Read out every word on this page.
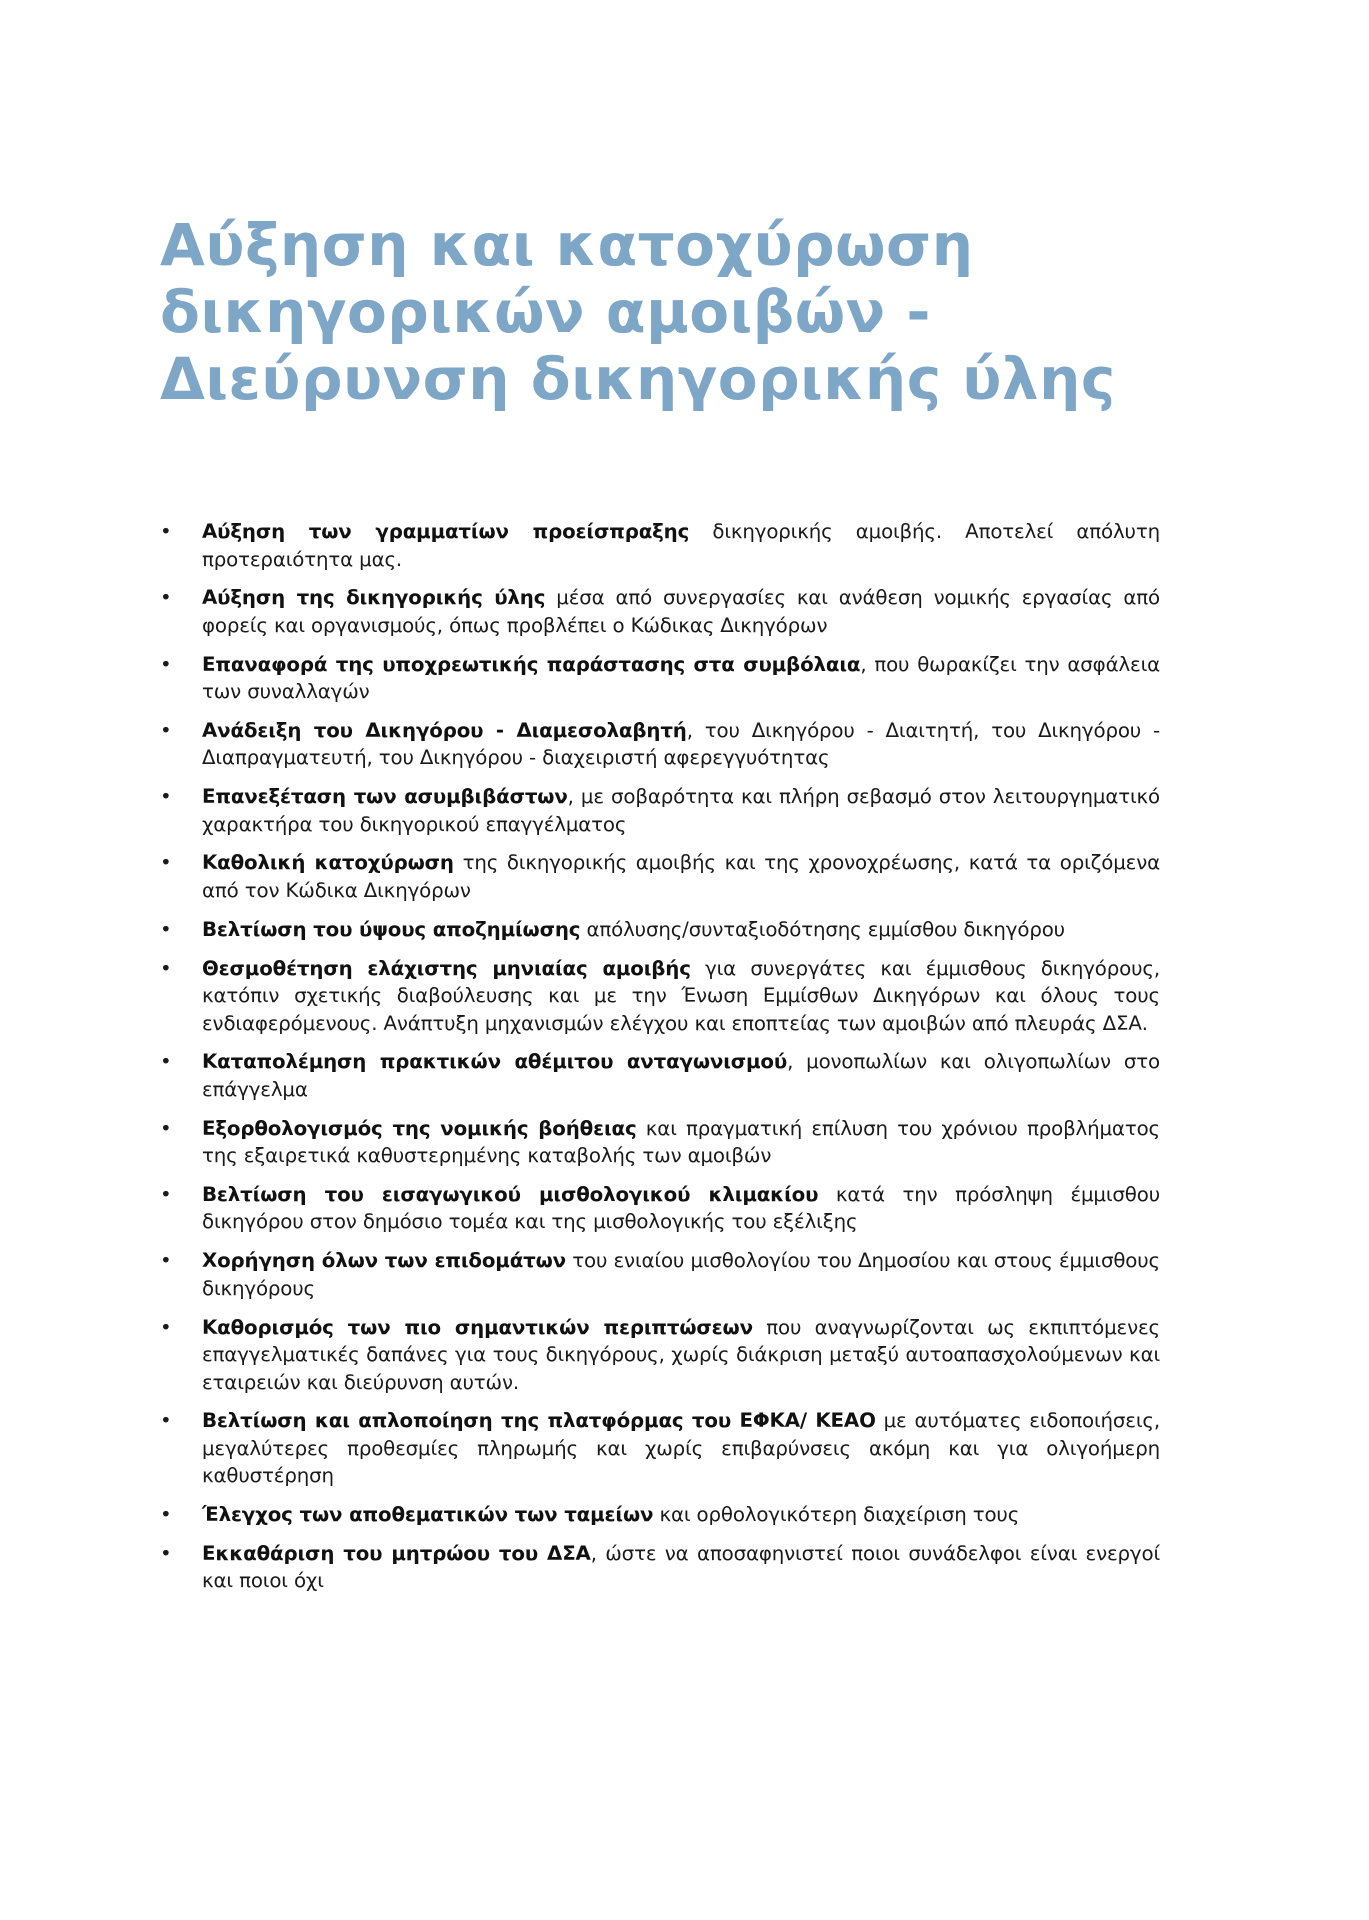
Αύξηση και κατοχύρωση
δικηγορικών αμοιβών -
Διεύρυνση δικηγορικής ύλης
•	Αύξηση των γραμματίων προείσπραξης δικηγορικής αμοιβής. Αποτελεί απόλυτη προτεραιότητα μας.
•	Αύξηση της δικηγορικής ύλης μέσα από συνεργασίες και ανάθεση νομικής εργασίας από φορείς και οργανισμούς, όπως προβλέπει ο Κώδικας Δικηγόρων
•	Επαναφορά της υποχρεωτικής παράστασης στα συμβόλαια, που θωρακίζει την ασφάλεια των συναλλαγών
•	Ανάδειξη του Δικηγόρου - Διαμεσολαβητή, του Δικηγόρου - Διαιτητή, του Δικηγόρου - Διαπραγματευτή, του Δικηγόρου - διαχειριστή αφερεγγυότητας
•	Επανεξέταση των ασυμβιβάστων, με σοβαρότητα και πλήρη σεβασμό στον λειτουργηματικό χαρακτήρα του δικηγορικού επαγγέλματος
•	Καθολική κατοχύρωση της δικηγορικής αμοιβής και της χρονοχρέωσης, κατά τα οριζόμενα από τον Κώδικα Δικηγόρων
•	Βελτίωση του ύψους αποζημίωσης απόλυσης/συνταξιοδότησης εμμίσθου δικηγόρου
•	Θεσμοθέτηση ελάχιστης μηνιαίας αμοιβής για συνεργάτες και έμμισθους δικηγόρους, κατόπιν σχετικής διαβούλευσης και με την Ένωση Εμμίσθων Δικηγόρων και όλους τους ενδιαφερόμενους. Ανάπτυξη μηχανισμών ελέγχου και εποπτείας των αμοιβών από πλευράς ΔΣΑ.
•	Καταπολέμηση πρακτικών αθέμιτου ανταγωνισμού, μονοπωλίων και ολιγοπωλίων στο επάγγελμα
•	Εξορθολογισμός της νομικής βοήθειας και πραγματική επίλυση του χρόνιου προβλήματος της εξαιρετικά καθυστερημένης καταβολής των αμοιβών
•	Βελτίωση του εισαγωγικού μισθολογικού κλιμακίου κατά την πρόσληψη έμμισθου δικηγόρου στον δημόσιο τομέα και της μισθολογικής του εξέλιξης
•	Χορήγηση όλων των επιδομάτων του ενιαίου μισθολογίου του Δημοσίου και στους έμμισθους δικηγόρους
•	Καθορισμός των πιο σημαντικών περιπτώσεων που αναγνωρίζονται ως εκπιπτόμενες επαγγελματικές δαπάνες για τους δικηγόρους, χωρίς διάκριση μεταξύ αυτοαπασχολούμενων και εταιρειών και διεύρυνση αυτών.
•	Βελτίωση και απλοποίηση της πλατφόρμας του ΕΦΚΑ/ ΚΕΑΟ με αυτόματες ειδοποιήσεις, μεγαλύτερες προθεσμίες πληρωμής και χωρίς επιβαρύνσεις ακόμη και για ολιγοήμερη καθυστέρηση
•	Έλεγχος των αποθεματικών των ταμείων και ορθολογικότερη διαχείριση τους
•	Εκκαθάριση του μητρώου του ΔΣΑ, ώστε να αποσαφηνιστεί ποιοι συνάδελφοι είναι ενεργοί και ποιοι όχι
